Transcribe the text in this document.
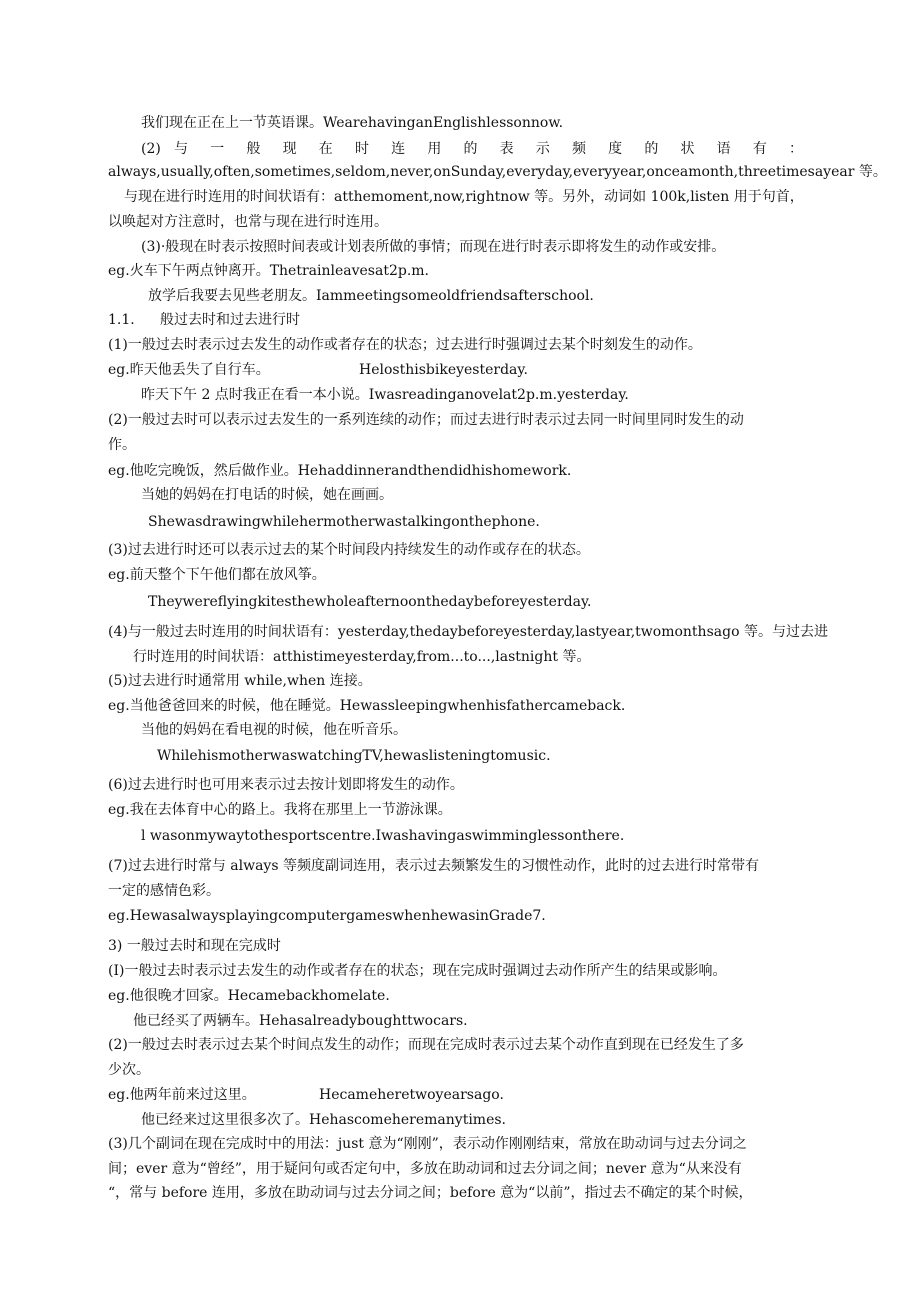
我们现在正在上一节英语课。WearehavinganEnglishlessonnow.
(2) 与 一 般 现 在 时 连 用 的 表 示 频 度 的 状 语 有 ：
always,usually,often,sometimes,seldom,never,onSunday,everyday,everyyear,onceamonth,threetimesayear 等。
与现在进行时连用的时间状语有：atthemoment,now,rightnow 等。另外，动词如 100k,listen 用于句首，
以唤起对方注意时，也常与现在进行时连用。
(3)·般现在时表示按照时间表或计划表所做的事情；而现在进行时表示即将发生的动作或安排。
eg.火车下午两点钟离开。Thetrainleavesat2p.m.
放学后我要去见些老朋友。Iammeetingsomeoldfriendsafterschool.
1.1. 般过去时和过去进行时
(1)一般过去时表示过去发生的动作或者存在的状态；过去进行时强调过去某个时刻发生的动作。
eg.昨天他丢失了自行车。	Helosthisbikeyesterday.
昨天下午 2 点时我正在看一本小说。Iwasreadinganovelat2p.m.yesterday.
(2)一般过去时可以表示过去发生的一系列连续的动作；而过去进行时表示过去同一时间里同时发生的动
作。
eg.他吃完晚饭，然后做作业。Hehaddinnerandthendidhishomework.
当她的妈妈在打电话的时候，她在画画。
Shewasdrawingwhilehermotherwastalkingonthephone.
(3)过去进行时还可以表示过去的某个时间段内持续发生的动作或存在的状态。
eg.前天整个下午他们都在放风筝。
Theywereflyingkitesthewholeafternoonthedaybeforeyesterday.
(4)与一般过去时连用的时间状语有：yesterday,thedaybeforeyesterday,lastyear,twomonthsago 等。与过去进
行时连用的时间状语：atthistimeyesterday,from...to...,lastnight 等。
(5)过去进行时通常用 while,when 连接。
eg.当他爸爸回来的时候，他在睡觉。Hewassleepingwhenhisfathercameback.
当他的妈妈在看电视的时候，他在听音乐。
WhilehismotherwaswatchingTV,hewaslisteningtomusic.
(6)过去进行时也可用来表示过去按计划即将发生的动作。
eg.我在去体育中心的路上。我将在那里上一节游泳课。
l wasonmywaytothesportscentre.Iwashavingaswimminglessonthere.
(7)过去进行时常与 always 等频度副词连用，表示过去频繁发生的习惯性动作，此时的过去进行时常带有
一定的感情色彩。
eg.HewasalwaysplayingcomputergameswhenhewasinGrade7.
3) 一般过去时和现在完成时
(I)一般过去时表示过去发生的动作或者存在的状态；现在完成时强调过去动作所产生的结果或影响。
eg.他很晚才回家。Hecamebackhomelate.
他已经买了两辆车。Hehasalreadyboughttwocars.
(2)一般过去时表示过去某个时间点发生的动作；而现在完成时表示过去某个动作直到现在已经发生了多
少次。
eg.他两年前来过这里。	Hecameheretwoyearsago.
他已经来过这里很多次了。Hehascomeheremanytimes.
(3)几个副词在现在完成时中的用法：just 意为“刚刚”，表示动作刚刚结束，常放在助动词与过去分词之
间；ever 意为“曾经”，用于疑问句或否定句中，多放在助动词和过去分词之间；never 意为“从来没有
“，常与 before 连用，多放在助动词与过去分词之间；before 意为“以前”，指过去不确定的某个时候，
